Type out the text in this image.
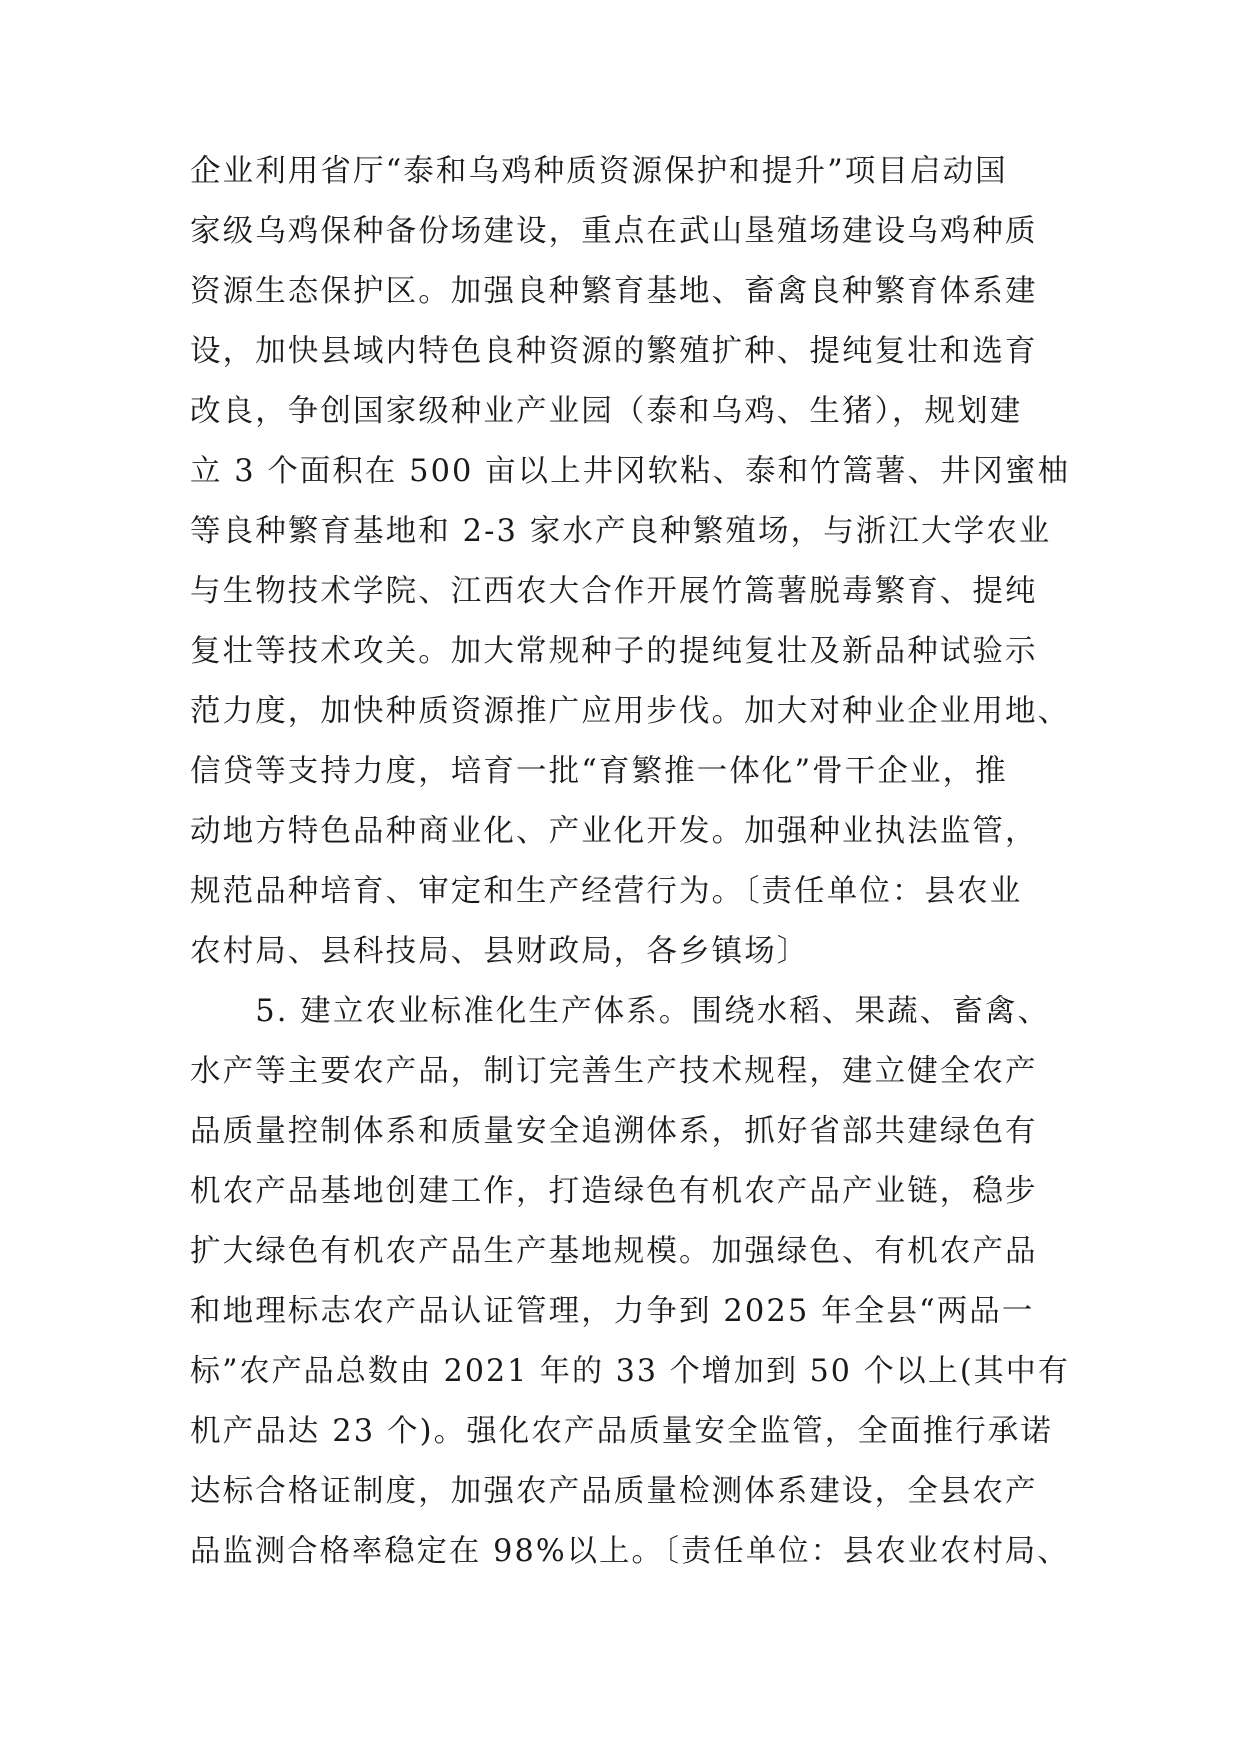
企业利用省厅“泰和乌鸡种质资源保护和提升”项目启动国
家级乌鸡保种备份场建设，重点在武山垦殖场建设乌鸡种质
资源生态保护区。加强良种繁育基地、畜禽良种繁育体系建
设，加快县域内特色良种资源的繁殖扩种、提纯复壮和选育
改良，争创国家级种业产业园（泰和乌鸡、生猪），规划建
立 3 个面积在 500 亩以上井冈软粘、泰和竹篙薯、井冈蜜柚
等良种繁育基地和 2-3 家水产良种繁殖场，与浙江大学农业
与生物技术学院、江西农大合作开展竹篙薯脱毒繁育、提纯
复壮等技术攻关。加大常规种子的提纯复壮及新品种试验示
范力度，加快种质资源推广应用步伐。加大对种业企业用地、
信贷等支持力度，培育一批“育繁推一体化”骨干企业，推
动地方特色品种商业化、产业化开发。加强种业执法监管，
规范品种培育、审定和生产经营行为。〔责任单位：县农业
农村局、县科技局、县财政局，各乡镇场〕
　　5. 建立农业标准化生产体系。围绕水稻、果蔬、畜禽、
水产等主要农产品，制订完善生产技术规程，建立健全农产
品质量控制体系和质量安全追溯体系，抓好省部共建绿色有
机农产品基地创建工作，打造绿色有机农产品产业链，稳步
扩大绿色有机农产品生产基地规模。加强绿色、有机农产品
和地理标志农产品认证管理，力争到 2025 年全县“两品一
标”农产品总数由 2021 年的 33 个增加到 50 个以上(其中有
机产品达 23 个)。强化农产品质量安全监管，全面推行承诺
达标合格证制度，加强农产品质量检测体系建设，全县农产
品监测合格率稳定在 98%以上。〔责任单位：县农业农村局、
